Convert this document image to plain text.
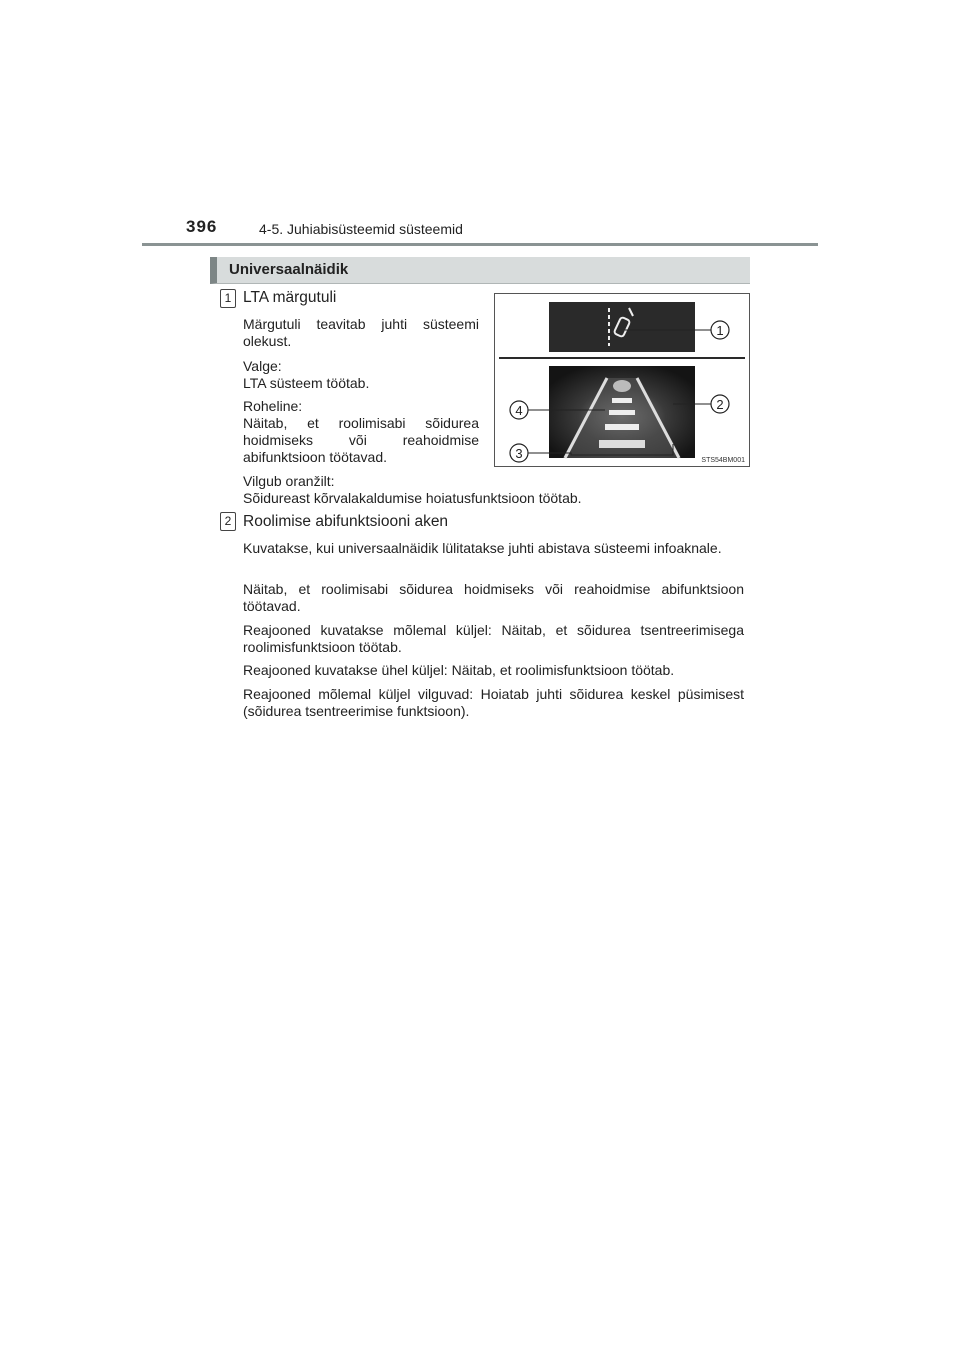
396	4-5. Juhiabisüsteemid süsteemid
Universaalnäidik
1 LTA märgutuli
Märgutuli teavitab juhti süsteemi olekust.
Valge:
LTA süsteem töötab.
Roheline:
Näitab, et roolimisabi sõidurea hoidmiseks või reahoidmise abifunktsioon töötavad.
Vilgub oranžilt:
Sõidureast kõrvalakaldumise hoiatusfunktsioon töötab.
1
2
4
3	STS54BM001
2 Roolimise abifunktsiooni aken
Kuvatakse, kui universaalnäidik lülitatakse juhti abistava süsteemi infoaknale.
Näitab, et roolimisabi sõidurea hoidmiseks või reahoidmise abifunktsioon töötavad.
Reajooned kuvatakse mõlemal küljel: Näitab, et sõidurea tsentreerimisega roolimisfunktsioon töötab.
Reajooned kuvatakse ühel küljel: Näitab, et roolimisfunktsioon töötab.
Reajooned mõlemal küljel vilguvad: Hoiatab juhti sõidurea keskel püsimisest (sõidurea tsentreerimise funktsioon).
